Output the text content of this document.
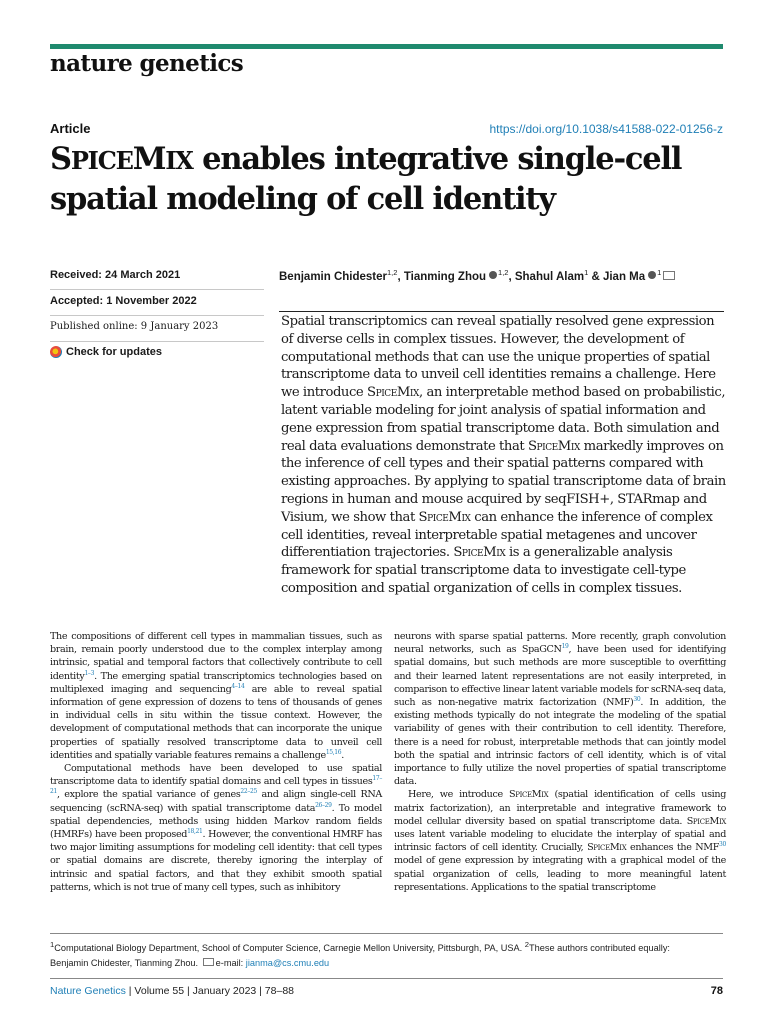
nature genetics
Article	https://doi.org/10.1038/s41588-022-01256-z
SPICEMIX enables integrative single-cell
spatial modeling of cell identity
Received: 24 March 2021
Accepted: 1 November 2022
Published online: 9 January 2023
Check for updates
Benjamin Chidester$^{1,2}$, Tianming Zhou $^{1,2}$, Shahul Alam$^1$ & Jian Ma $^1$

Spatial transcriptomics can reveal spatially resolved gene expression of diverse cells in complex tissues. However, the development of computational methods that can use the unique properties of spatial transcriptome data to unveil cell identities remains a challenge. Here we introduce SpiceMix, an interpretable method based on probabilistic, latent variable modeling for joint analysis of spatial information and gene expression from spatial transcriptome data. Both simulation and real data evaluations demonstrate that SpiceMix markedly improves on the inference of cell types and their spatial patterns compared with existing approaches. By applying to spatial transcriptome data of brain regions in human and mouse acquired by seqFISH+, STARmap and Visium, we show that SpiceMix can enhance the inference of complex cell identities, reveal interpretable spatial metagenes and uncover differentiation trajectories. SpiceMix is a generalizable analysis framework for spatial transcriptome data to investigate cell-type composition and spatial organization of cells in complex tissues.

The compositions of different cell types in mammalian tissues, such as brain, remain poorly understood due to the complex interplay among intrinsic, spatial and temporal factors that collectively contribute to cell identity$^{1-3}$. The emerging spatial transcriptomics technologies based on multiplexed imaging and sequencing$^{4-14}$ are able to reveal spatial information of gene expression of dozens to tens of thousands of genes in individual cells in situ within the tissue context. However, the development of computational methods that can incorporate the unique properties of spatially resolved transcriptome data to unveil cell identities and spatially variable features remains a challenge$^{15,16}$.

Computational methods have been developed to use spatial transcriptome data to identify spatial domains and cell types in tissues$^{17-21}$, explore the spatial variance of genes$^{22-25}$ and align single-cell RNA sequencing (scRNA-seq) with spatial transcriptome data$^{26-29}$. To model spatial dependencies, methods using hidden Markov random fields (HMRFs) have been proposed$^{18,21}$. However, the conventional HMRF has two major limiting assumptions for modeling cell identity: that cell types or spatial domains are discrete, thereby ignoring the interplay of intrinsic and spatial factors, and that they exhibit smooth spatial patterns, which is not true of many cell types, such as inhibitory

neurons with sparse spatial patterns. More recently, graph convolution neural networks, such as SpaGCN$^{19}$, have been used for identifying spatial domains, but such methods are more susceptible to overfitting and their learned latent representations are not easily interpreted, in comparison to effective linear latent variable models for scRNA-seq data, such as non-negative matrix factorization (NMF)$^{30}$. In addition, the existing methods typically do not integrate the modeling of the spatial variability of genes with their contribution to cell identity. Therefore, there is a need for robust, interpretable methods that can jointly model both the spatial and intrinsic factors of cell identity, which is of vital importance to fully utilize the novel properties of spatial transcriptome data.

Here, we introduce SpiceMix (spatial identification of cells using matrix factorization), an interpretable and integrative framework to model cellular diversity based on spatial transcriptome data. SpiceMix uses latent variable modeling to elucidate the interplay of spatial and intrinsic factors of cell identity. Crucially, SpiceMix enhances the NMF$^{30}$ model of gene expression by integrating with a graphical model of the spatial organization of cells, leading to more meaningful latent representations. Applications to the spatial transcriptome

$^1$Computational Biology Department, School of Computer Science, Carnegie Mellon University, Pittsburgh, PA, USA. $^2$These authors contributed equally:
Benjamin Chidester, Tianming Zhou. e-mail: jianma@cs.cmu.edu
Nature Genetics | Volume 55 | January 2023 | 78–88	78
